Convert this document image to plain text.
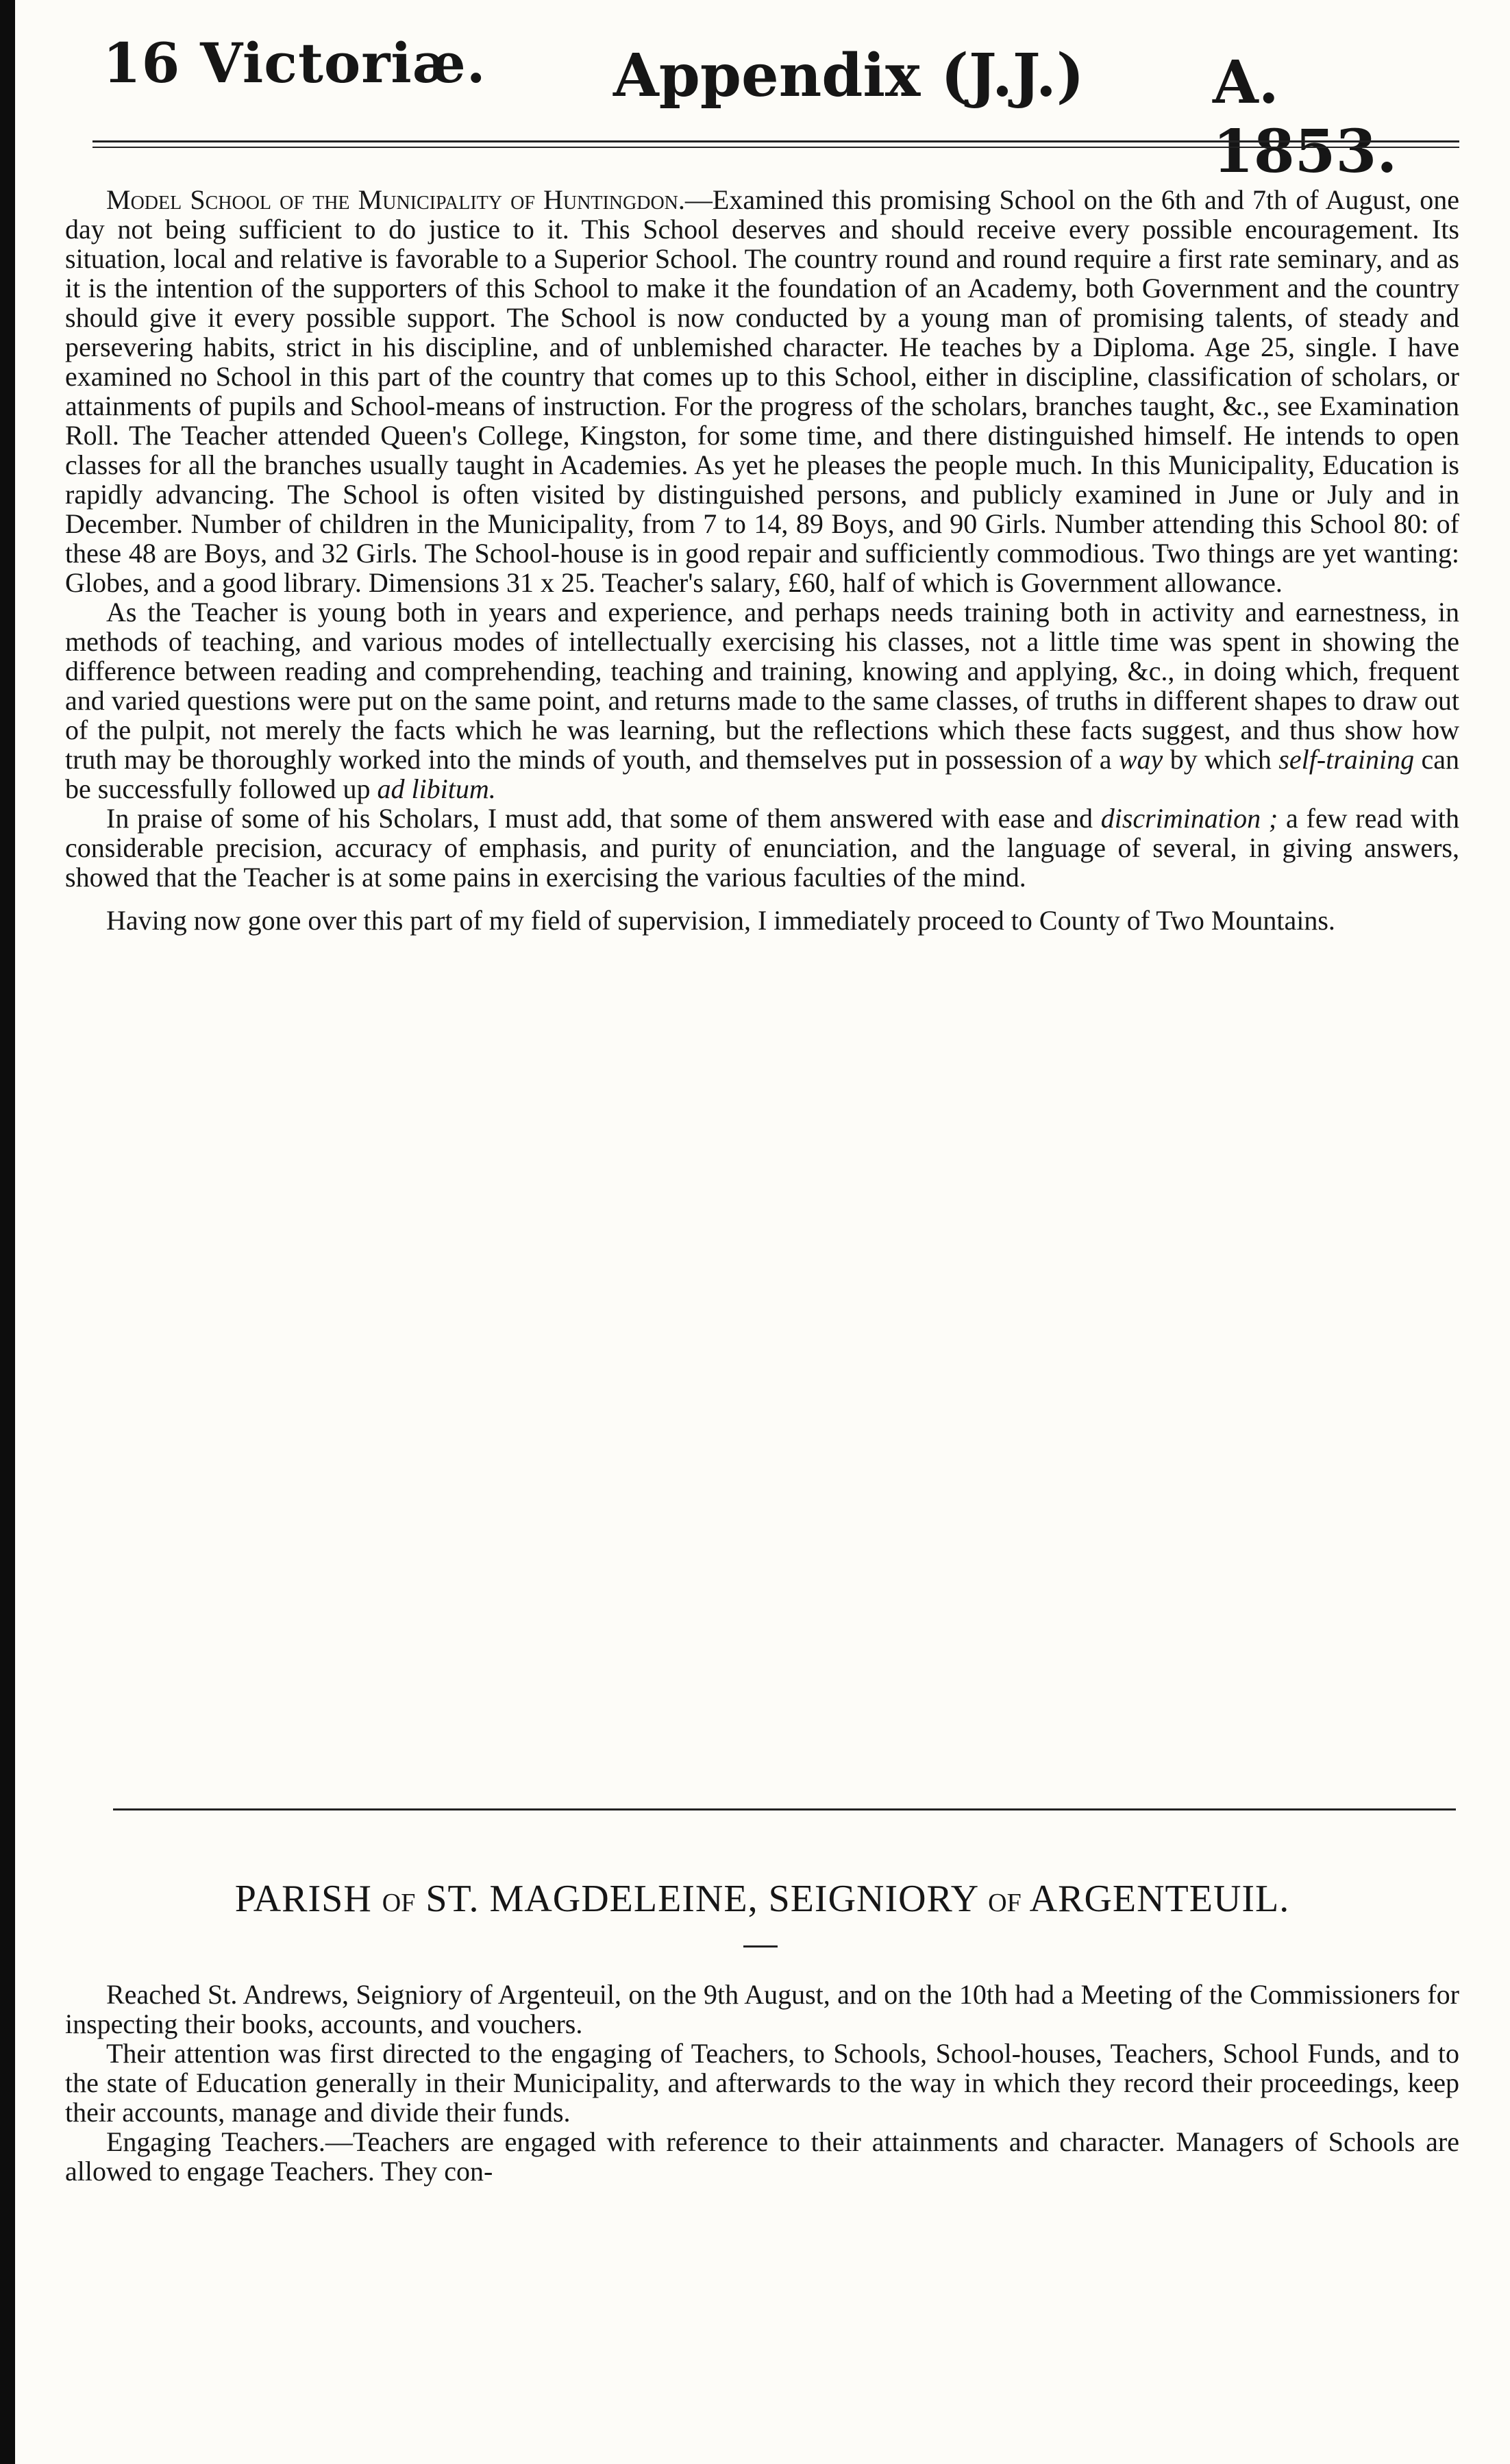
16 Victoriæ. Appendix (J.J.) A. 1853.

Model School of the Municipality of Huntingdon.—Examined this promising School on the 6th and 7th of August, one day not being sufficient to do justice to it. This School deserves and should receive every possible encouragement. Its situation, local and relative is favorable to a Superior School. The country round and round require a first rate seminary, and as it is the intention of the supporters of this School to make it the foundation of an Academy, both Government and the country should give it every possible support. The School is now conducted by a young man of promising talents, of steady and persevering habits, strict in his discipline, and of unblemished character. He teaches by a Diploma. Age 25, single. I have examined no School in this part of the country that comes up to this School, either in discipline, classification of scholars, or attainments of pupils and School-means of instruction. For the progress of the scholars, branches taught, &c., see Examination Roll. The Teacher attended Queen's College, Kingston, for some time, and there distinguished himself. He intends to open classes for all the branches usually taught in Academies. As yet he pleases the people much. In this Municipality, Education is rapidly advancing. The School is often visited by distinguished persons, and publicly examined in June or July and in December. Number of children in the Municipality, from 7 to 14, 89 Boys, and 90 Girls. Number attending this School 80: of these 48 are Boys, and 32 Girls. The School-house is in good repair and sufficiently commodious. Two things are yet wanting: Globes, and a good library. Dimensions 31 x 25. Teacher's salary, £60, half of which is Government allowance.

As the Teacher is young both in years and experience, and perhaps needs training both in activity and earnestness, in methods of teaching, and various modes of intellectually exercising his classes, not a little time was spent in showing the difference between reading and comprehending, teaching and training, knowing and applying, &c., in doing which, frequent and varied questions were put on the same point, and returns made to the same classes, of truths in different shapes to draw out of the pulpit, not merely the facts which he was learning, but the reflections which these facts suggest, and thus show how truth may be thoroughly worked into the minds of youth, and themselves put in possession of a way by which self-training can be successfully followed up ad libitum.

In praise of some of his Scholars, I must add, that some of them answered with ease and discrimination ; a few read with considerable precision, accuracy of emphasis, and purity of enunciation, and the language of several, in giving answers, showed that the Teacher is at some pains in exercising the various faculties of the mind.

Having now gone over this part of my field of supervision, I immediately proceed to County of Two Mountains.

PARISH OF ST. MAGDELEINE, SEIGNIORY OF ARGENTEUIL.

Reached St. Andrews, Seigniory of Argenteuil, on the 9th August, and on the 10th had a Meeting of the Commissioners for inspecting their books, accounts, and vouchers.

Their attention was first directed to the engaging of Teachers, to Schools, School-houses, Teachers, School Funds, and to the state of Education generally in their Municipality, and afterwards to the way in which they record their proceedings, keep their accounts, manage and divide their funds.

Engaging Teachers.—Teachers are engaged with reference to their attainments and character. Managers of Schools are allowed to engage Teachers. They con-
